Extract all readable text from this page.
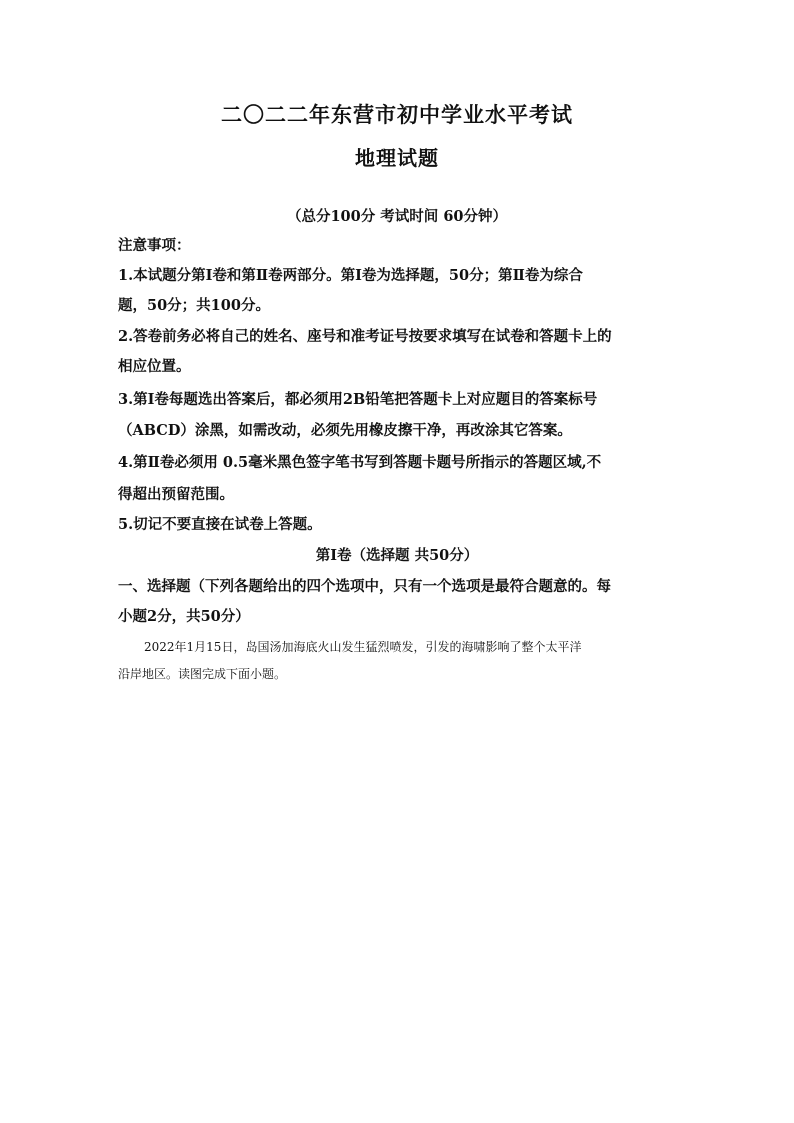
二〇二二年东营市初中学业水平考试
地理试题
（总分100分 考试时间 60分钟）
注意事项：
1.本试题分第Ⅰ卷和第Ⅱ卷两部分。第Ⅰ卷为选择题，50分；第Ⅱ卷为综合
题，50分；共100分。
2.答卷前务必将自己的姓名、座号和准考证号按要求填写在试卷和答题卡上的
相应位置。
3.第Ⅰ卷每题选出答案后，都必须用2B铅笔把答题卡上对应题目的答案标号
（ABCD）涂黑，如需改动，必须先用橡皮擦干净，再改涂其它答案。
4.第Ⅱ卷必须用 0.5毫米黑色签字笔书写到答题卡题号所指示的答题区域,不
得超出预留范围。
5.切记不要直接在试卷上答题。
第Ⅰ卷（选择题 共50分）
一、选择题（下列各题给出的四个选项中，只有一个选项是最符合题意的。每
小题2分，共50分）
2022年1月15日，岛国汤加海底火山发生猛烈喷发，引发的海啸影响了整个太平洋
沿岸地区。读图完成下面小题。
